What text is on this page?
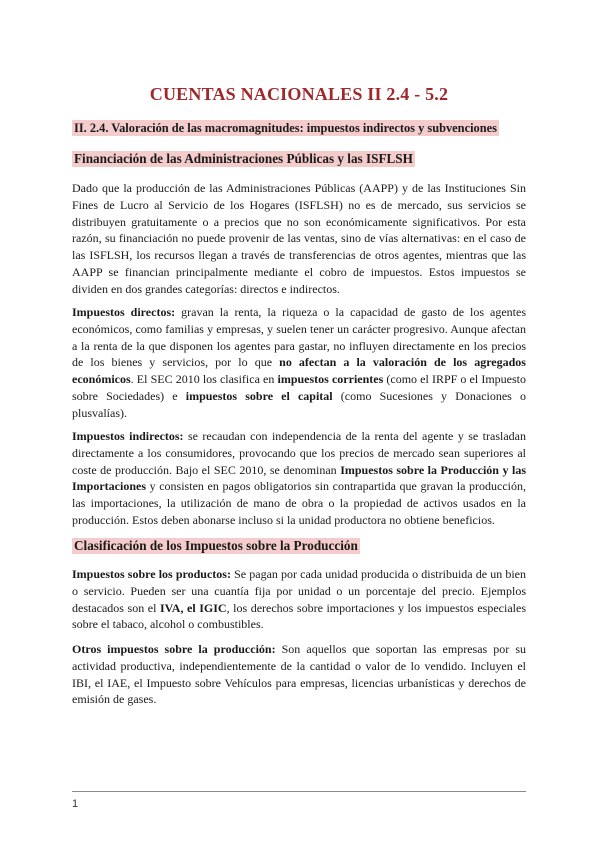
CUENTAS NACIONALES II 2.4 - 5.2
II. 2.4. Valoración de las macromagnitudes: impuestos indirectos y subvenciones
Financiación de las Administraciones Públicas y las ISFLSH

Dado que la producción de las Administraciones Públicas (AAPP) y de las Instituciones Sin Fines de Lucro al Servicio de los Hogares (ISFLSH) no es de mercado, sus servicios se distribuyen gratuitamente o a precios que no son económicamente significativos. Por esta razón, su financiación no puede provenir de las ventas, sino de vías alternativas: en el caso de las ISFLSH, los recursos llegan a través de transferencias de otros agentes, mientras que las AAPP se financian principalmente mediante el cobro de impuestos. Estos impuestos se dividen en dos grandes categorías: directos e indirectos.

Impuestos directos: gravan la renta, la riqueza o la capacidad de gasto de los agentes económicos, como familias y empresas, y suelen tener un carácter progresivo. Aunque afectan a la renta de la que disponen los agentes para gastar, no influyen directamente en los precios de los bienes y servicios, por lo que no afectan a la valoración de los agregados económicos. El SEC 2010 los clasifica en impuestos corrientes (como el IRPF o el Impuesto sobre Sociedades) e impuestos sobre el capital (como Sucesiones y Donaciones o plusvalías).

Impuestos indirectos: se recaudan con independencia de la renta del agente y se trasladan directamente a los consumidores, provocando que los precios de mercado sean superiores al coste de producción. Bajo el SEC 2010, se denominan Impuestos sobre la Producción y las Importaciones y consisten en pagos obligatorios sin contrapartida que gravan la producción, las importaciones, la utilización de mano de obra o la propiedad de activos usados en la producción. Estos deben abonarse incluso si la unidad productora no obtiene beneficios.

Clasificación de los Impuestos sobre la Producción

Impuestos sobre los productos: Se pagan por cada unidad producida o distribuida de un bien o servicio. Pueden ser una cuantía fija por unidad o un porcentaje del precio. Ejemplos destacados son el IVA, el IGIC, los derechos sobre importaciones y los impuestos especiales sobre el tabaco, alcohol o combustibles.

Otros impuestos sobre la producción: Son aquellos que soportan las empresas por su actividad productiva, independientemente de la cantidad o valor de lo vendido. Incluyen el IBI, el IAE, el Impuesto sobre Vehículos para empresas, licencias urbanísticas y derechos de emisión de gases.

1
